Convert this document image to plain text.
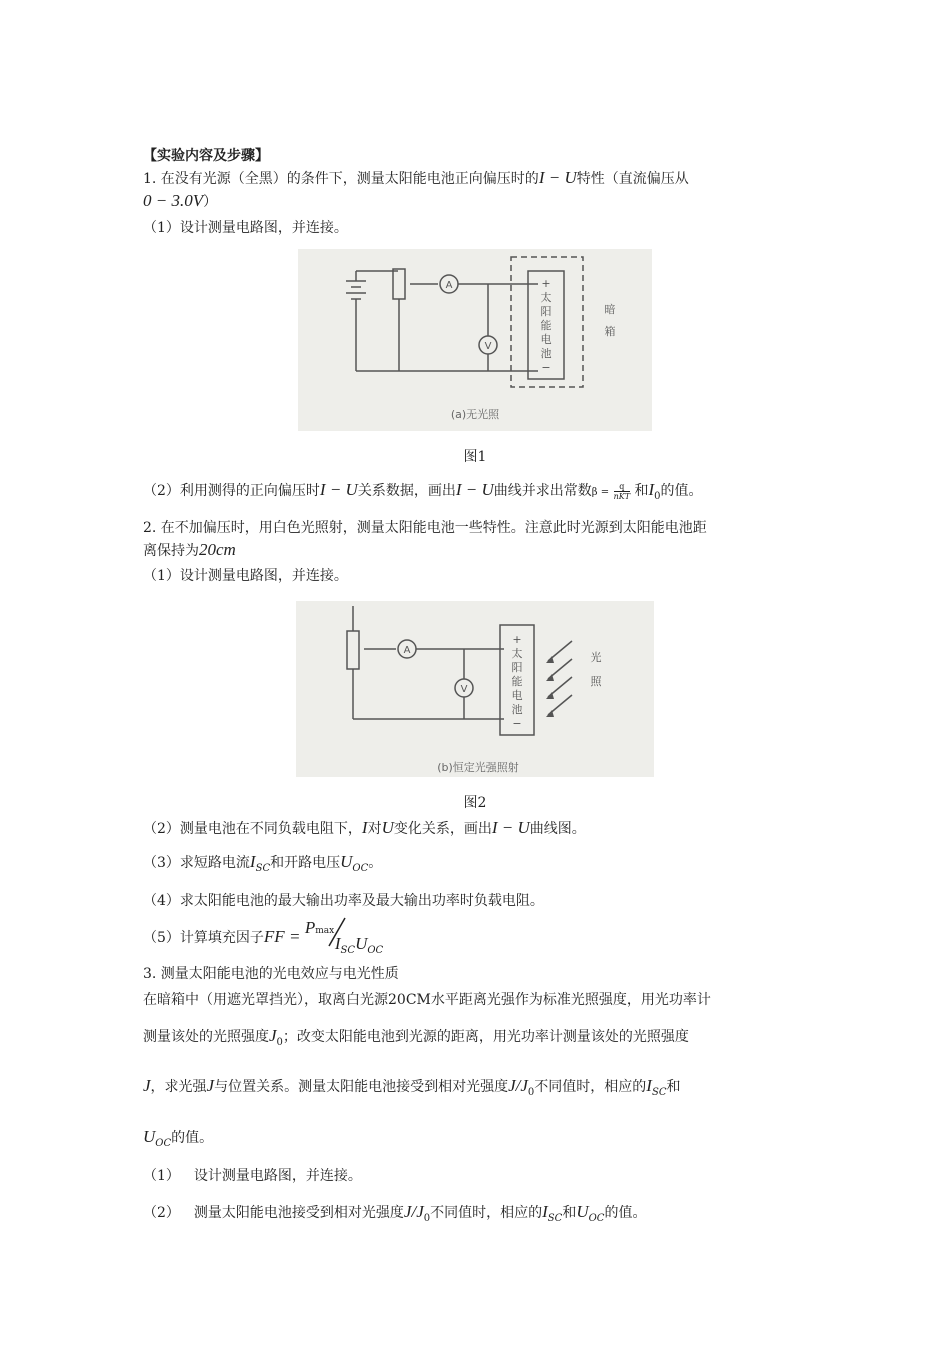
【实验内容及步骤】
1. 在没有光源（全黑）的条件下，测量太阳能电池正向偏压时的I − U特性（直流偏压从
0 − 3.0V）
（1）设计测量电路图，并连接。
A
V
+
太
阳
能
电
池
−
暗
箱
(a)无光照
图1
（2）利用测得的正向偏压时I − U关系数据，画出I − U曲线并求出常数β =
q
nKT 和$I_0$的值。
2. 在不加偏压时，用白色光照射，测量太阳能电池一些特性。注意此时光源到太阳能电池距
离保持为20cm
（1）设计测量电路图，并连接。
A
V
+
太
阳
能
电
池
−
光
照
(b)恒定光强照射
图2
（2）测量电池在不同负载电阻下，I对U变化关系，画出I − U曲线图。
（3）求短路电流$I_{SC}$和开路电压$U_{OC}$。
（4）求太阳能电池的最大输出功率及最大输出功率时负载电阻。
（5）计算填充因子FF = Pmax
$I_{SC}U_{OC}$
3. 测量太阳能电池的光电效应与电光性质
在暗箱中（用遮光罩挡光），取离白光源20CM水平距离光强作为标准光照强度，用光功率计
测量该处的光照强度$J_0$；改变太阳能电池到光源的距离，用光功率计测量该处的光照强度
J，求光强J与位置关系。测量太阳能电池接受到相对光强度$J/J_0$不同值时，相应的$I_{SC}$和
$U_{OC}$的值。
（1） 设计测量电路图，并连接。
（2） 测量太阳能电池接受到相对光强度$J/J_0$不同值时，相应的$I_{SC}$和$U_{OC}$的值。
